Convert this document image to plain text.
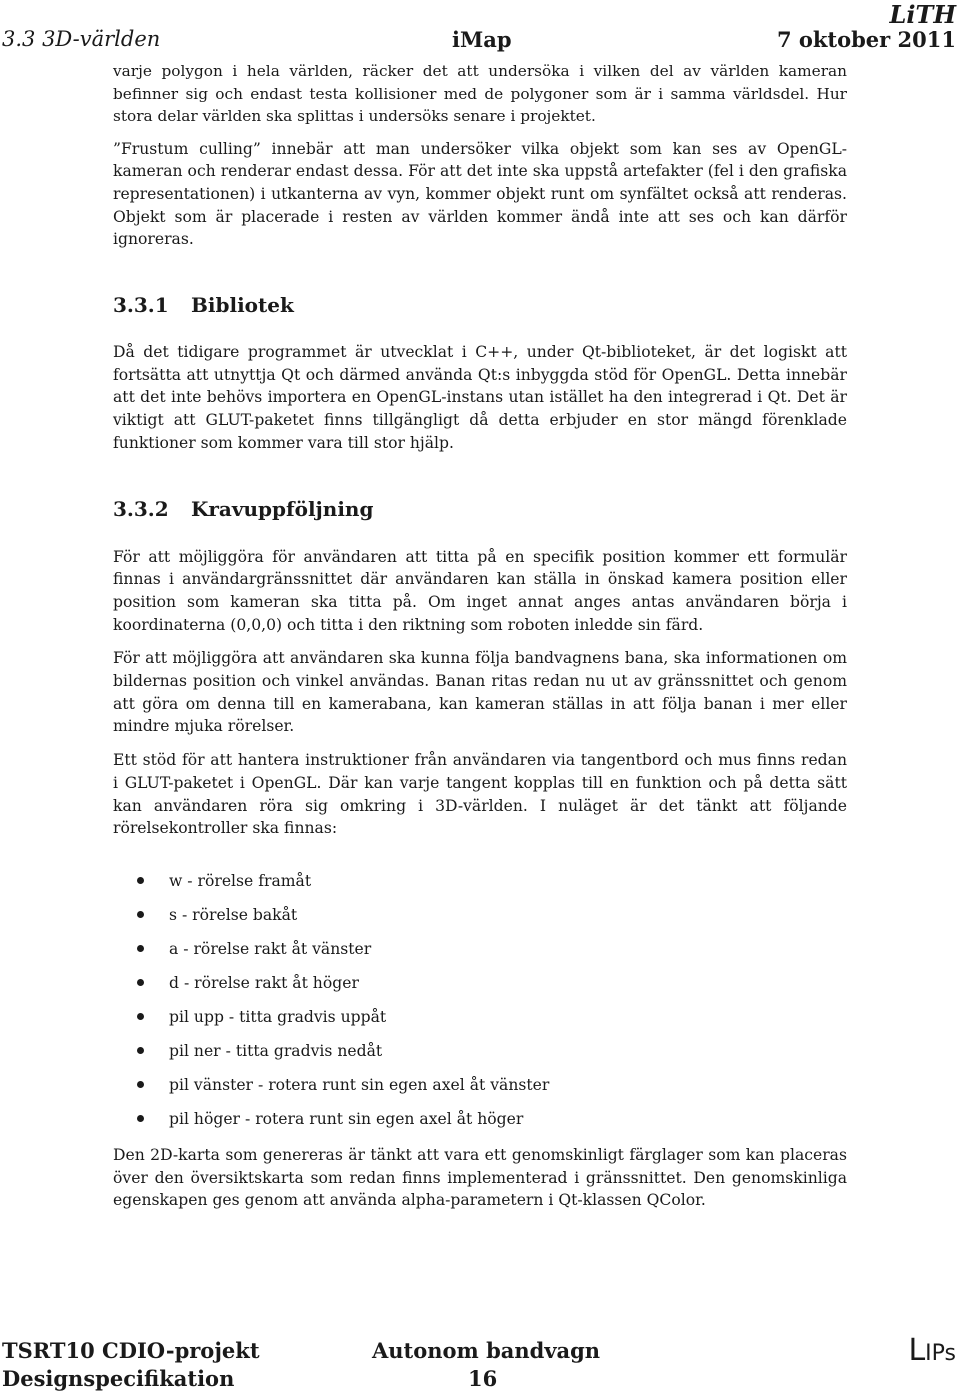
LiTH
3.3 3D-världen	iMap	7 oktober 2011

varje polygon i hela världen, räcker det att undersöka i vilken del av världen kameran befinner sig och endast testa kollisioner med de polygoner som är i samma världsdel. Hur stora delar världen ska splittas i undersöks senare i projektet.

”Frustum culling” innebär att man undersöker vilka objekt som kan ses av OpenGL-kameran och renderar endast dessa. För att det inte ska uppstå artefakter (fel i den grafiska representationen) i utkanterna av vyn, kommer objekt runt om synfältet också att renderas. Objekt som är placerade i resten av världen kommer ändå inte att ses och kan därför ignoreras.

3.3.1	Bibliotek

Då det tidigare programmet är utvecklat i C++, under Qt-biblioteket, är det logiskt att fortsätta att utnyttja Qt och därmed använda Qt:s inbyggda stöd för OpenGL. Detta innebär att det inte behövs importera en OpenGL-instans utan istället ha den integrerad i Qt. Det är viktigt att GLUT-paketet finns tillgängligt då detta erbjuder en stor mängd förenklade funktioner som kommer vara till stor hjälp.

3.3.2	Kravuppföljning

För att möjliggöra för användaren att titta på en specifik position kommer ett formulär finnas i användargränssnittet där användaren kan ställa in önskad kamera position eller position som kameran ska titta på. Om inget annat anges antas användaren börja i koordinaterna (0,0,0) och titta i den riktning som roboten inledde sin färd.

För att möjliggöra att användaren ska kunna följa bandvagnens bana, ska informationen om bildernas position och vinkel användas. Banan ritas redan nu ut av gränssnittet och genom att göra om denna till en kamerabana, kan kameran ställas in att följa banan i mer eller mindre mjuka rörelser.

Ett stöd för att hantera instruktioner från användaren via tangentbord och mus finns redan i GLUT-paketet i OpenGL. Där kan varje tangent kopplas till en funktion och på detta sätt kan användaren röra sig omkring i 3D-världen. I nuläget är det tänkt att följande rörelsekontroller ska finnas:

w - rörelse framåt
s - rörelse bakåt
a - rörelse rakt åt vänster
d - rörelse rakt åt höger
pil upp - titta gradvis uppåt
pil ner - titta gradvis nedåt
pil vänster - rotera runt sin egen axel åt vänster
pil höger - rotera runt sin egen axel åt höger

Den 2D-karta som genereras är tänkt att vara ett genomskinligt färglager som kan placeras över den översiktskarta som redan finns implementerad i gränssnittet. Den genomskinliga egenskapen ges genom att använda alpha-parametern i Qt-klassen QColor.

TSRT10 CDIO-projekt
Designspecifikation
Autonom bandvagn
16
LIPs
